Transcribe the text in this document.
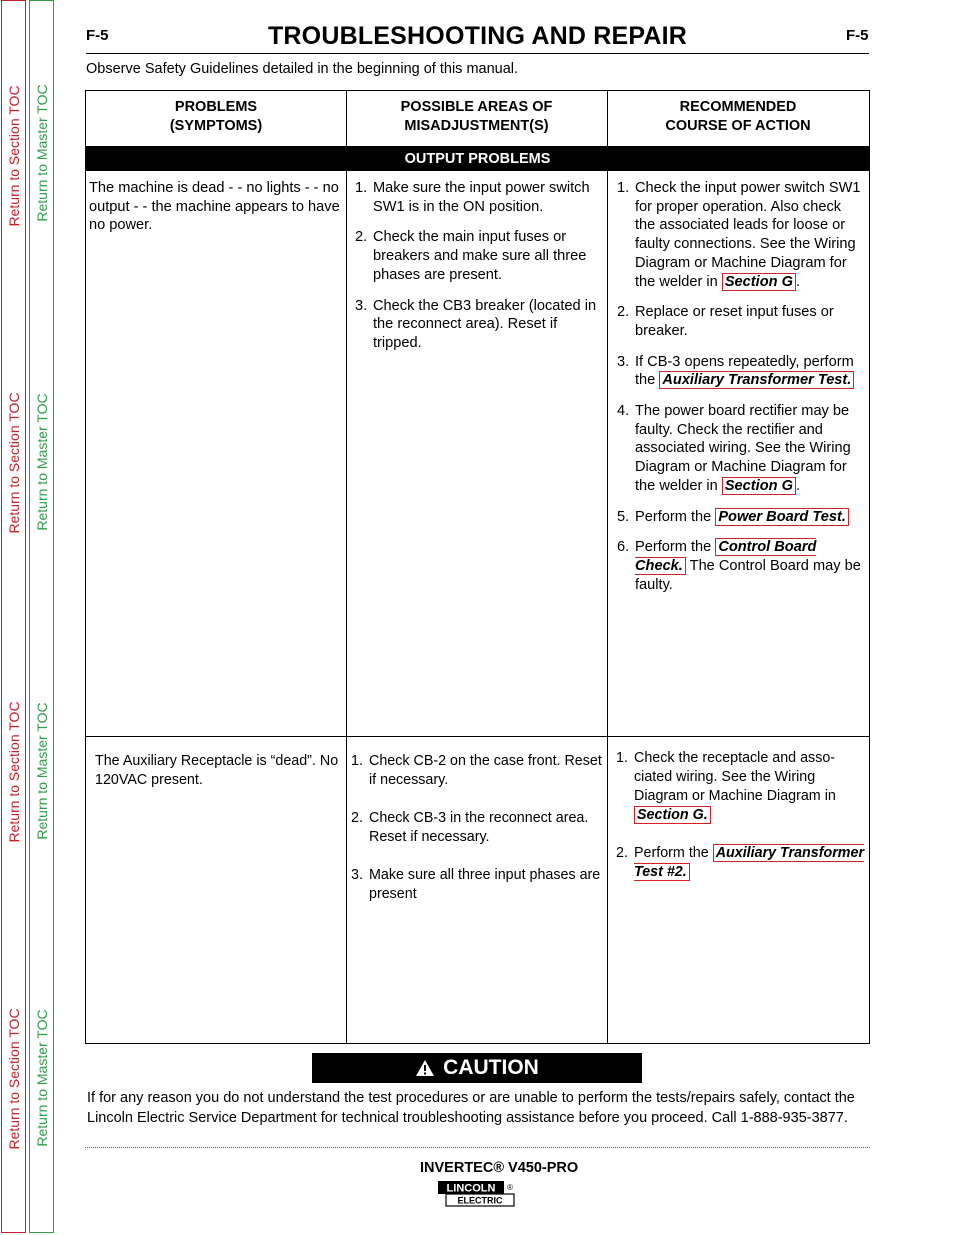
Return to Section TOC
Return to Section TOC
Return to Section TOC
Return to Section TOC
Return to Master TOC
Return to Master TOC
Return to Master TOC
Return to Master TOC
F-5	TROUBLESHOOTING AND REPAIR	F-5
Observe Safety Guidelines detailed in the beginning of this manual.
PROBLEMS
(SYMPTOMS)
POSSIBLE AREAS OF
MISADJUSTMENT(S)
RECOMMENDED
COURSE OF ACTION
OUTPUT PROBLEMS

The machine is dead - - no lights - - no output - - the machine appears to have no power.

1. Make sure the input power switch SW1 is in the ON position.
2. Check the main input fuses or breakers and make sure all three phases are present.
3. Check the CB3 breaker (located in the reconnect area). Reset if tripped.
1. Check the input power switch SW1 for proper operation. Also check the associated leads for loose or faulty connections. See the Wiring Diagram or Machine Diagram for the welder in Section G .
2. Replace or reset input fuses or breaker.
3. If CB-3 opens repeatedly, perform the Auxiliary Transformer Test.
4. The power board rectifier may be faulty. Check the rectifier and associated wiring. See the Wiring Diagram or Machine Diagram for the welder in Section G .
5. Perform the Power Board Test.
6. Perform the Control Board Check. The Control Board may be faulty.

The Auxiliary Receptacle is “dead”. No 120VAC present.

1. Check CB-2 on the case front. Reset if necessary.
2. Check CB-3 in the reconnect area. Reset if necessary.
3. Make sure all three input phases are present
1. Check the receptacle and asso-ciated wiring. See the Wiring Diagram or Machine Diagram in Section G.
2. Perform the Auxiliary Transformer Test #2.
CAUTION
If for any reason you do not understand the test procedures or are unable to perform the tests/repairs safely, contact the Lincoln Electric Service Department for technical troubleshooting assistance before you proceed. Call 1-888-935-3877.
INVERTEC® V450-PRO
LINCOLN
ELECTRIC
®
